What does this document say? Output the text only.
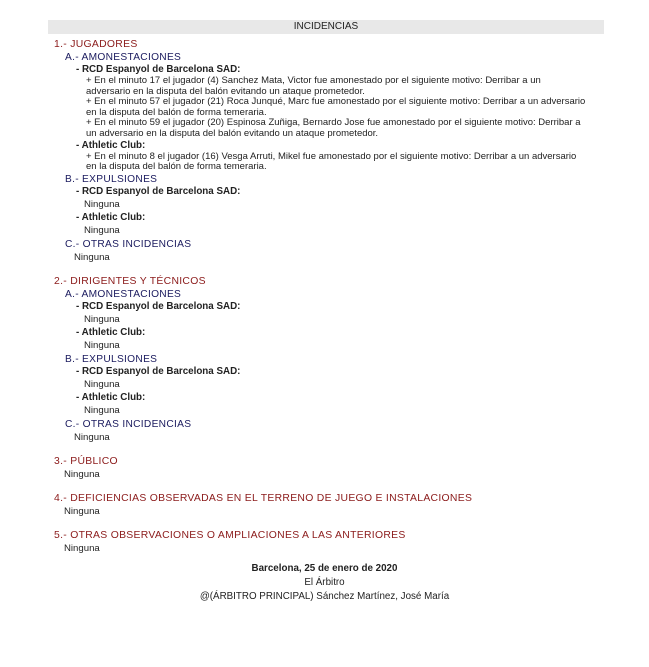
INCIDENCIAS
1.- JUGADORES
A.- AMONESTACIONES
- RCD Espanyol de Barcelona SAD:
+ En el minuto 17 el jugador (4) Sanchez Mata, Victor fue amonestado por el siguiente motivo: Derribar a un adversario en la disputa del balón evitando un ataque prometedor.
+ En el minuto 57 el jugador (21) Roca Junqué, Marc fue amonestado por el siguiente motivo: Derribar a un adversario en la disputa del balón de forma temeraria.
+ En el minuto 59 el jugador (20) Espinosa Zuñiga, Bernardo Jose fue amonestado por el siguiente motivo: Derribar a un adversario en la disputa del balón evitando un ataque prometedor.
- Athletic Club:
+ En el minuto 8 el jugador (16) Vesga Arruti, Mikel fue amonestado por el siguiente motivo: Derribar a un adversario en la disputa del balón de forma temeraria.
B.- EXPULSIONES
- RCD Espanyol de Barcelona SAD:
Ninguna
- Athletic Club:
Ninguna
C.- OTRAS INCIDENCIAS
Ninguna
2.- DIRIGENTES Y TÉCNICOS
A.- AMONESTACIONES
- RCD Espanyol de Barcelona SAD:
Ninguna
- Athletic Club:
Ninguna
B.- EXPULSIONES
- RCD Espanyol de Barcelona SAD:
Ninguna
- Athletic Club:
Ninguna
C.- OTRAS INCIDENCIAS
Ninguna
3.- PÚBLICO
Ninguna
4.- DEFICIENCIAS OBSERVADAS EN EL TERRENO DE JUEGO E INSTALACIONES
Ninguna
5.- OTRAS OBSERVACIONES O AMPLIACIONES A LAS ANTERIORES
Ninguna
Barcelona, 25 de enero de 2020
El Árbitro
@(ÁRBITRO PRINCIPAL) Sánchez Martínez, José María
